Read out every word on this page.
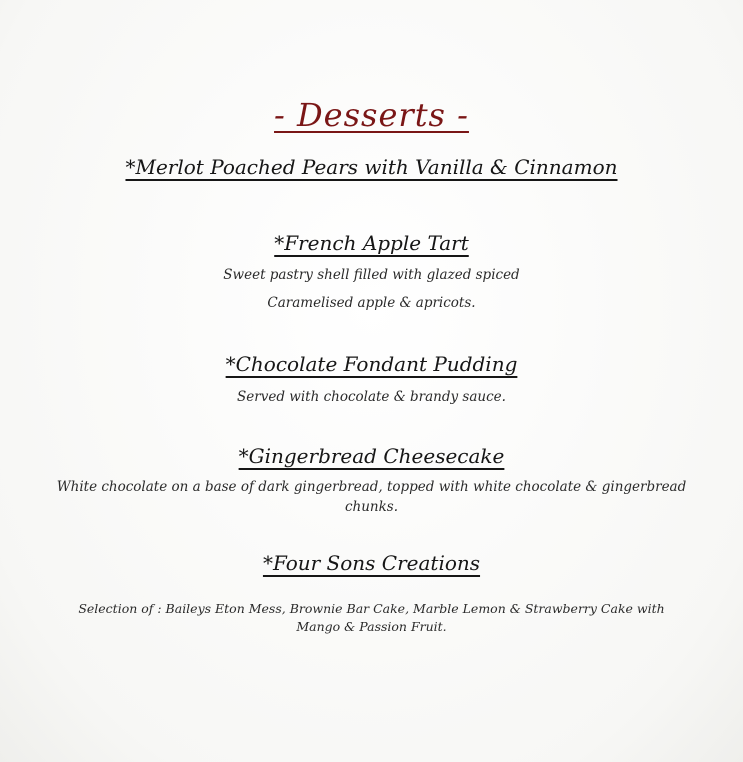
- Desserts -
*Merlot Poached Pears with Vanilla & Cinnamon
*French Apple Tart
Sweet pastry shell filled with glazed spiced
Caramelised apple & apricots.
*Chocolate Fondant Pudding
Served with chocolate & brandy sauce.
*Gingerbread Cheesecake
White chocolate on a base of dark gingerbread, topped with white chocolate & gingerbread
chunks.
*Four Sons Creations
Selection of : Baileys Eton Mess, Brownie Bar Cake, Marble Lemon & Strawberry Cake with
Mango & Passion Fruit.
